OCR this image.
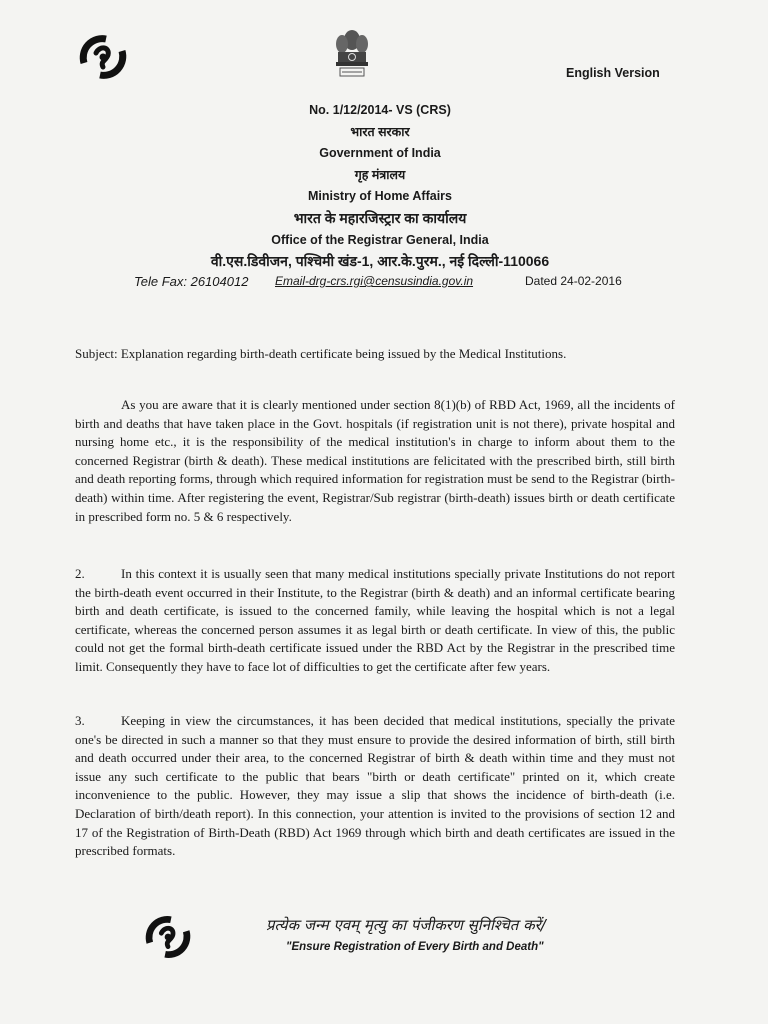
English Version
No. 1/12/2014- VS (CRS)
भारत सरकार
Government of India
गृह मंत्रालय
Ministry of Home Affairs
भारत के महारजिस्ट्रार का कार्यालय
Office of the Registrar General, India
वी.एस.डिवीजन, पश्चिमी खंड-1, आर.के.पुरम., नई दिल्ली-110066
Tele Fax: 26104012 Email-drg-crs.rgi@censusindia.gov.in	Dated 24-02-2016
Subject: Explanation regarding birth-death certificate being issued by the Medical Institutions.
As you are aware that it is clearly mentioned under section 8(1)(b) of RBD Act, 1969, all the incidents of birth and deaths that have taken place in the Govt. hospitals (if registration unit is not there), private hospital and nursing home etc., it is the responsibility of the medical institution's in charge to inform about them to the concerned Registrar (birth & death). These medical institutions are felicitated with the prescribed birth, still birth and death reporting forms, through which required information for registration must be send to the Registrar (birth-death) within time. After registering the event, Registrar/Sub registrar (birth-death) issues birth or death certificate in prescribed form no. 5 & 6 respectively.
2.	In this context it is usually seen that many medical institutions specially private Institutions do not report the birth-death event occurred in their Institute, to the Registrar (birth & death) and an informal certificate bearing birth and death certificate, is issued to the concerned family, while leaving the hospital which is not a legal certificate, whereas the concerned person assumes it as legal birth or death certificate. In view of this, the public could not get the formal birth-death certificate issued under the RBD Act by the Registrar in the prescribed time limit. Consequently they have to face lot of difficulties to get the certificate after few years.
3.	Keeping in view the circumstances, it has been decided that medical institutions, specially the private one's be directed in such a manner so that they must ensure to provide the desired information of birth, still birth and death occurred under their area, to the concerned Registrar of birth & death within time and they must not issue any such certificate to the public that bears "birth or death certificate" printed on it, which create inconvenience to the public. However, they may issue a slip that shows the incidence of birth-death (i.e. Declaration of birth/death report). In this connection, your attention is invited to the provisions of section 12 and 17 of the Registration of Birth-Death (RBD) Act 1969 through which birth and death certificates are issued in the prescribed formats.
प्रत्येक जन्म एवम् मृत्यु का पंजीकरण सुनिश्चित करें/
"Ensure Registration of Every Birth and Death"
